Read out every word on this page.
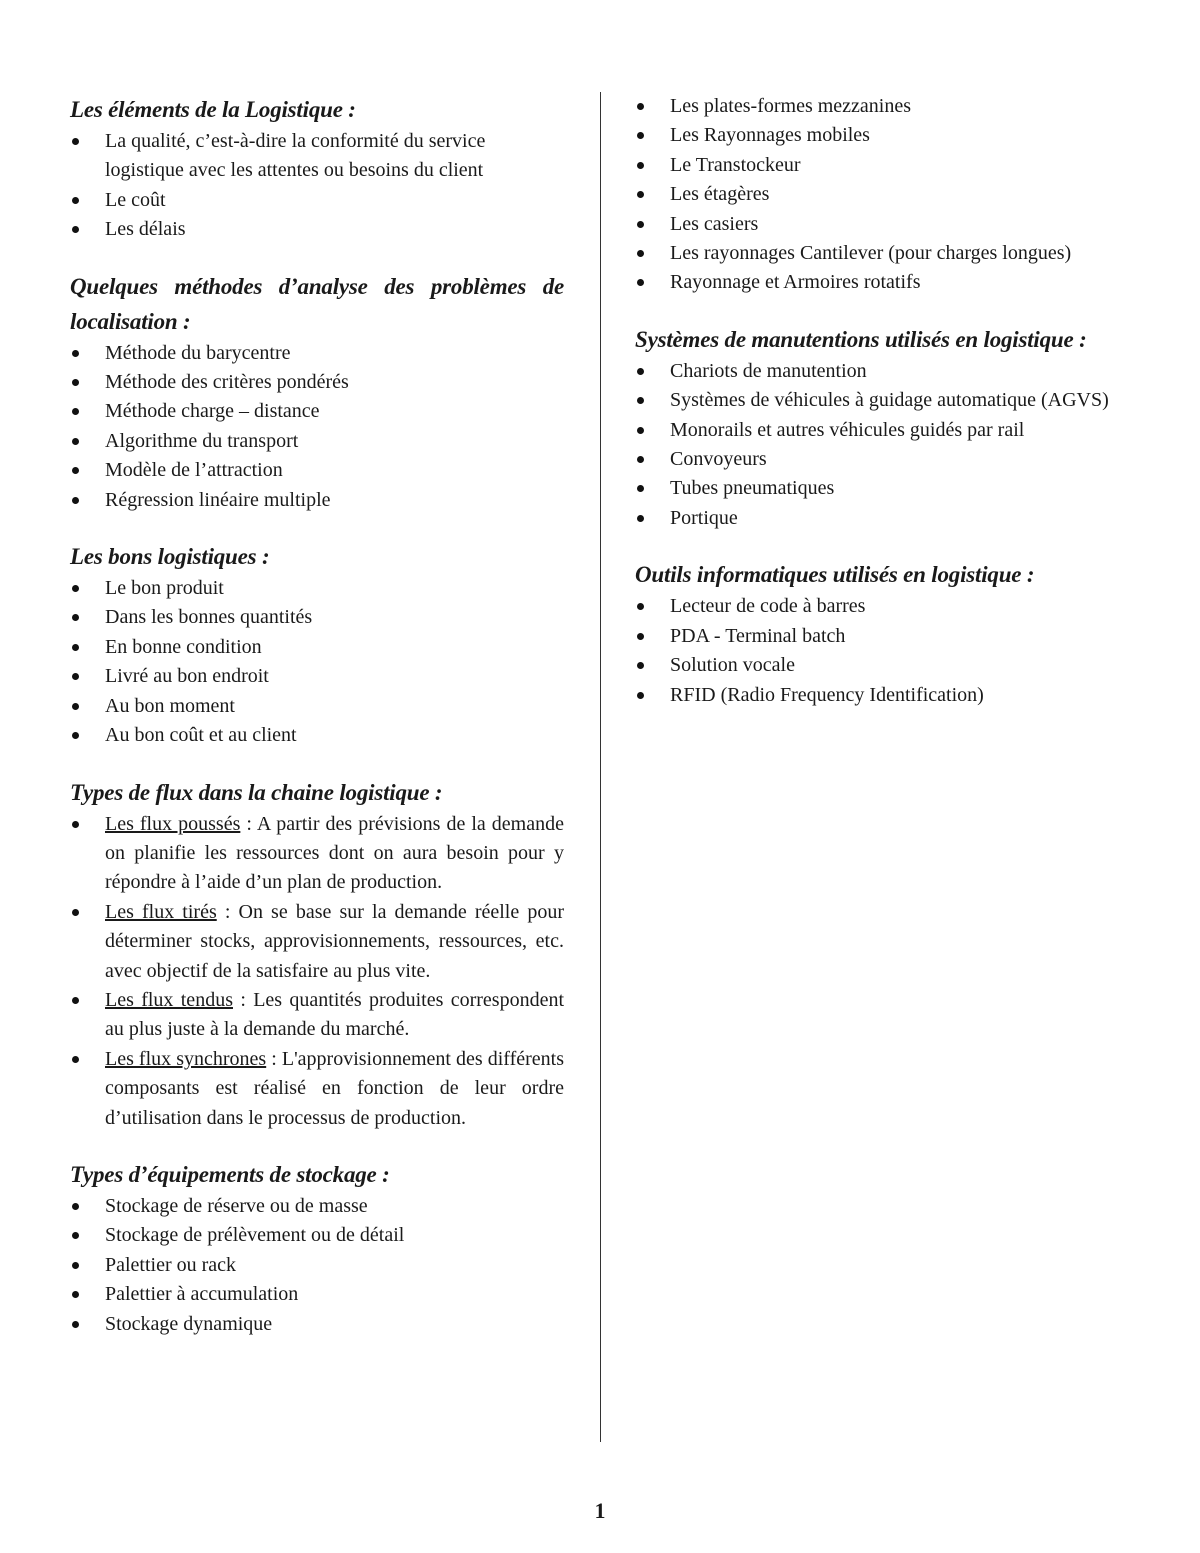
Les éléments de la Logistique :

La qualité, c’est-à-dire la conformité du service logistique avec les attentes ou besoins du client
Le coût
Les délais

Quelques méthodes d’analyse des problèmes de localisation :

Méthode du barycentre
Méthode des critères pondérés
Méthode charge – distance
Algorithme du transport
Modèle de l’attraction
Régression linéaire multiple

Les bons logistiques :

Le bon produit
Dans les bonnes quantités
En bonne condition
Livré au bon endroit
Au bon moment
Au bon coût et au client

Types de flux dans la chaine logistique :

Les flux poussés : A partir des prévisions de la demande on planifie les ressources dont on aura besoin pour y répondre à l’aide d’un plan de production.
Les flux tirés : On se base sur la demande réelle pour déterminer stocks, approvisionnements, ressources, etc. avec objectif de la satisfaire au plus vite.
Les flux tendus : Les quantités produites correspondent au plus juste à la demande du marché.
Les flux synchrones : L'approvisionnement des différents composants est réalisé en fonction de leur ordre d’utilisation dans le processus de production.

Types d’équipements de stockage :

Stockage de réserve ou de masse
Stockage de prélèvement ou de détail
Palettier ou rack
Palettier à accumulation
Stockage dynamique
Les plates-formes mezzanines
Les Rayonnages mobiles
Le Transtockeur
Les étagères
Les casiers
Les rayonnages Cantilever (pour charges longues)
Rayonnage et Armoires rotatifs

Systèmes de manutentions utilisés en logistique :

Chariots de manutention
Systèmes de véhicules à guidage automatique (AGVS)
Monorails et autres véhicules guidés par rail
Convoyeurs
Tubes pneumatiques
Portique

Outils informatiques utilisés en logistique :

Lecteur de code à barres
PDA - Terminal batch
Solution vocale
RFID (Radio Frequency Identification)
1
